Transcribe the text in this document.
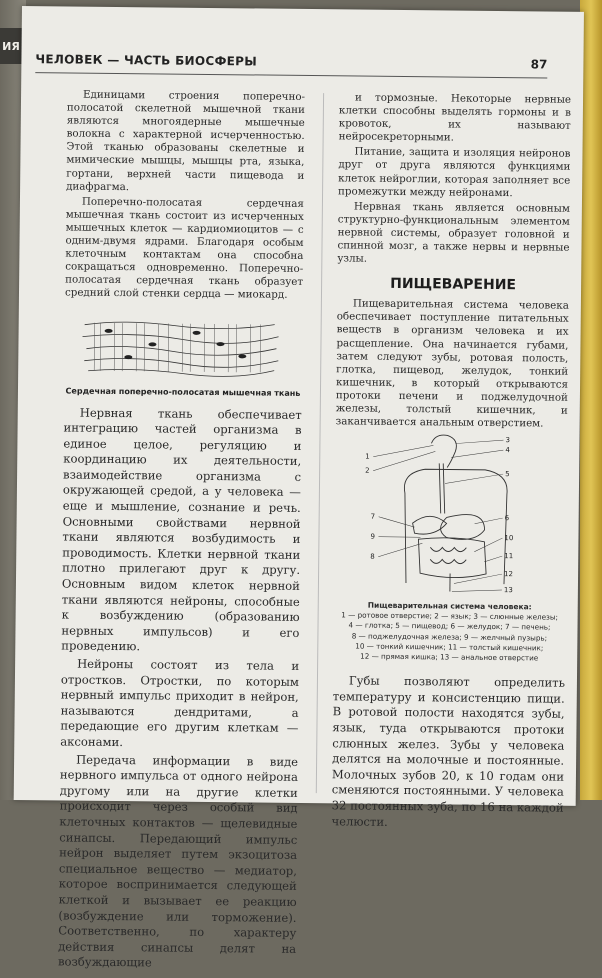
ИЯ
ЧЕЛОВЕК — ЧАСТЬ БИОСФЕРЫ	87

Единицами строения поперечно-полосатой скелетной мышечной ткани являются многоядерные мышечные волокна с характерной исчерченностью. Этой тканью образованы скелетные и мимические мышцы, мышцы рта, языка, гортани, верхней части пищевода и диафрагма.

Поперечно-полосатая сердечная мышечная ткань состоит из исчерченных мышечных клеток — кардиомиоцитов — с одним-двумя ядрами. Благодаря особым клеточным контактам она способна сокращаться одновременно. Поперечно-полосатая сердечная ткань образует средний слой стенки сердца — миокард.

Сердечная поперечно-полосатая мышечная ткань

Нервная ткань обеспечивает интеграцию частей организма в единое целое, регуляцию и координацию их деятельности, взаимодействие организма с окружающей средой, а у человека — еще и мышление, сознание и речь. Основными свойствами нервной ткани являются возбудимость и проводимость. Клетки нервной ткани плотно прилегают друг к другу. Основным видом клеток нервной ткани являются нейроны, способные к возбуждению (образованию нервных импульсов) и его проведению.

Нейроны состоят из тела и отростков. Отростки, по которым нервный импульс приходит в нейрон, называются дендритами, а передающие его другим клеткам — аксонами.

Передача информации в виде нервного импульса от одного нейрона другому или на другие клетки происходит через особый вид клеточных контактов — щелевидные синапсы. Передающий импульс нейрон выделяет путем экзоцитоза специальное вещество — медиатор, которое воспринимается следующей клеткой и вызывает ее реакцию (возбуждение или торможение). Соответственно, по характеру действия синапсы делят на возбуждающие

и тормозные. Некоторые нервные клетки способны выделять гормоны и в кровоток, их называют нейросекреторными.

Питание, защита и изоляция нейронов друг от друга являются функциями клеток нейроглии, которая заполняет все промежутки между нейронами.

Нервная ткань является основным структурно-функциональным элементом нервной системы, образует головной и спинной мозг, а также нервы и нервные узлы.

ПИЩЕВАРЕНИЕ

Пищеварительная система человека обеспечивает поступление питательных веществ в организм человека и их расщепление. Она начинается губами, затем следуют зубы, ротовая полость, глотка, пищевод, желудок, тонкий кишечник, в который открываются протоки печени и поджелудочной железы, толстый кишечник, и заканчивается анальным отверстием.

1
2
3
4
5
6
7
8
9	10
11
12
13
Пищеварительная система человека:
1 — ротовое отверстие; 2 — язык; 3 — слюнные железы;
4 — глотка; 5 — пищевод; 6 — желудок; 7 — печень;
8 — поджелудочная железа; 9 — желчный пузырь;
10 — тонкий кишечник; 11 — толстый кишечник;
12 — прямая кишка; 13 — анальное отверстие

Губы позволяют определить температуру и консистенцию пищи. В ротовой полости находятся зубы, язык, туда открываются протоки слюнных желез. Зубы у человека делятся на молочные и постоянные. Молочных зубов 20, к 10 годам они сменяются постоянными. У человека 32 постоянных зуба, по 16 на каждой челюсти.
